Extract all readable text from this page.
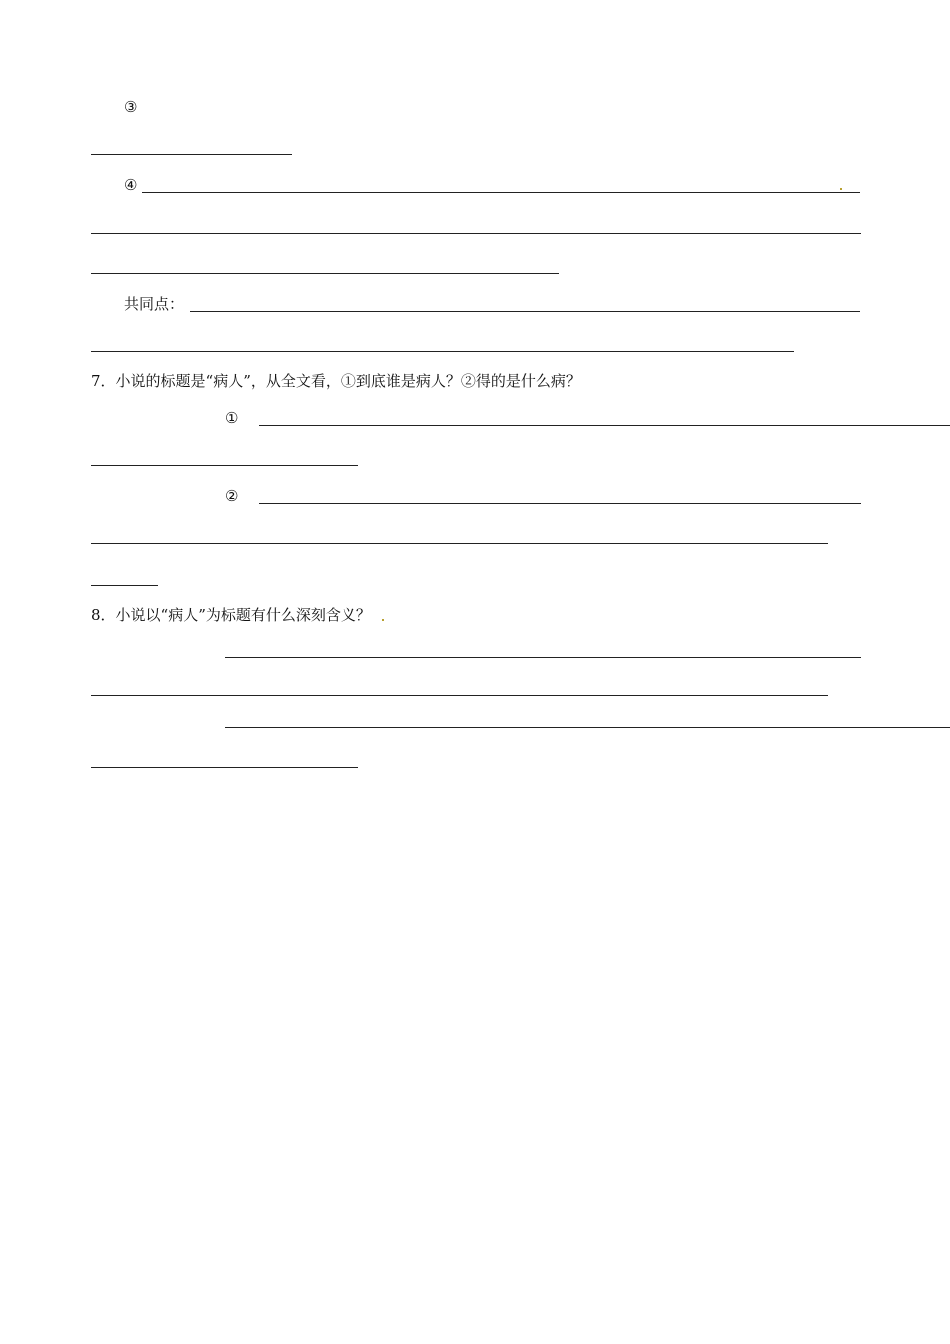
③
④
共同点：
7．小说的标题是“病人”，从全文看，①到底谁是病人？②得的是什么病？
①
②
8．小说以“病人”为标题有什么深刻含义？
